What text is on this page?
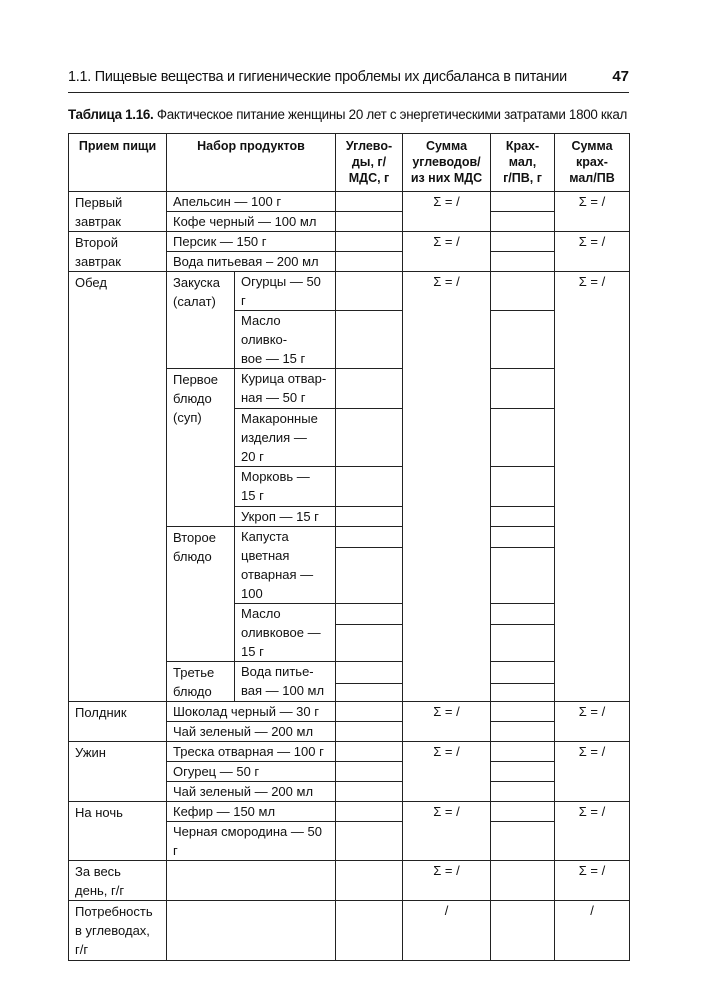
1.1. Пищевые вещества и гигиенические проблемы их дисбаланса в питании	47
Таблица 1.16. Фактическое питание женщины 20 лет с энергетическими затратами 1800 ккал
Прием пищи	Набор продуктов		Углево-
ды, г/
МДС, г	Сумма
углеводов/
из них МДС	Крах-
мал,
г/ПВ, г	Сумма
крах-
мал/ПВ
Первый
завтрак	Апельсин — 100 г			Σ = /		Σ = /
	Кофе черный — 100 мл					
Второй
завтрак	Персик — 150 г			Σ = /		Σ = /
	Вода питьевая – 200 мл					
Обед	Закуска
(салат)	Огурцы — 50 г		Σ = /		Σ = /
		Масло оливко-
вое — 15 г				
	Первое
блюдо
(суп)	Курица отвар-
ная — 50 г				
		Макаронные
изделия —
20 г				
		Морковь —
15 г				
		Укроп — 15 г				
	Второе
блюдо	Капуста
цветная
отварная —
100				

		Масло
оливковое —
15 г				

	Третье
блюдо	Вода питье-
вая — 100 мл				

Полдник	Шоколад черный — 30 г			Σ = /		Σ = /
	Чай зеленый — 200 мл					
Ужин	Треска отварная — 100 г			Σ = /		Σ = /
	Огурец — 50 г					
	Чай зеленый — 200 мл					
На ночь	Кефир — 150 мл			Σ = /		Σ = /
	Черная смородина — 50 г					
За весь
день, г/г				Σ = /		Σ = /
Потребность
в углеводах,
г/г				/		/
